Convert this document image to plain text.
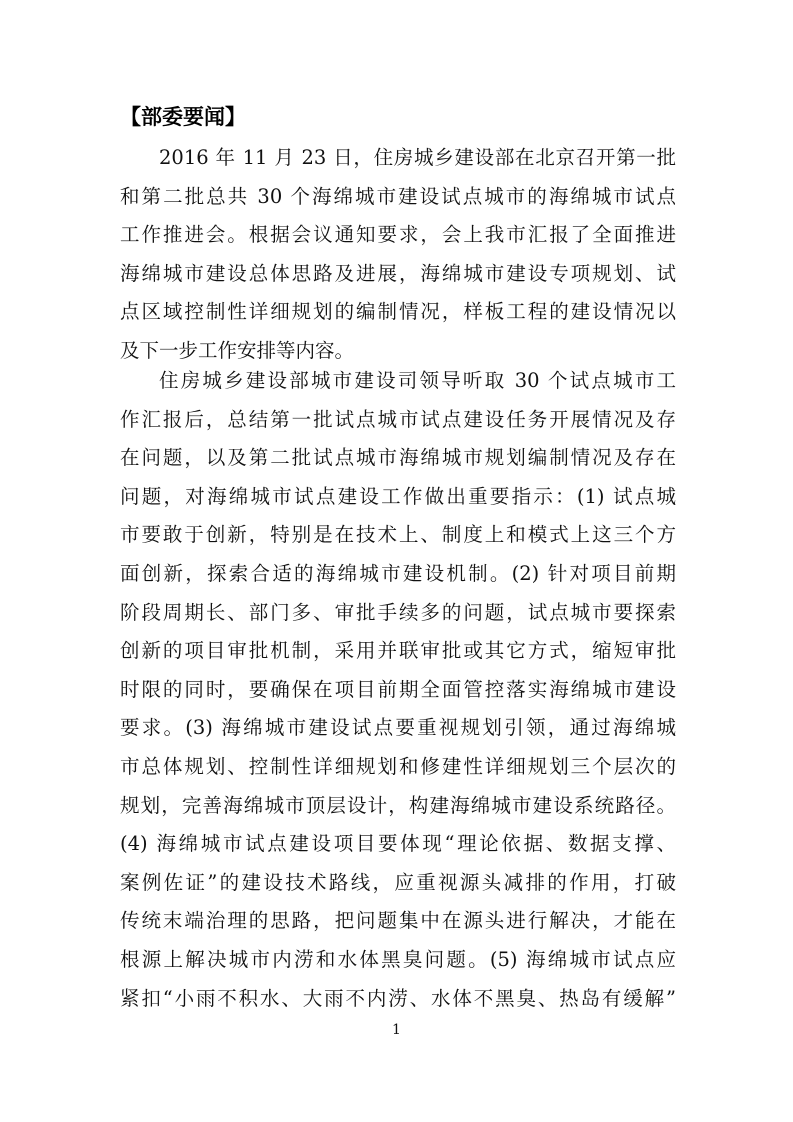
【部委要闻】
2016 年 11 月 23 日，住房城乡建设部在北京召开第一批
和第二批总共 30 个海绵城市建设试点城市的海绵城市试点
工作推进会。根据会议通知要求，会上我市汇报了全面推进
海绵城市建设总体思路及进展，海绵城市建设专项规划、试
点区域控制性详细规划的编制情况，样板工程的建设情况以
及下一步工作安排等内容。
住房城乡建设部城市建设司领导听取 30 个试点城市工
作汇报后，总结第一批试点城市试点建设任务开展情况及存
在问题，以及第二批试点城市海绵城市规划编制情况及存在
问题，对海绵城市试点建设工作做出重要指示：(1) 试点城
市要敢于创新，特别是在技术上、制度上和模式上这三个方
面创新，探索合适的海绵城市建设机制。(2) 针对项目前期
阶段周期长、部门多、审批手续多的问题，试点城市要探索
创新的项目审批机制，采用并联审批或其它方式，缩短审批
时限的同时，要确保在项目前期全面管控落实海绵城市建设
要求。(3) 海绵城市建设试点要重视规划引领，通过海绵城
市总体规划、控制性详细规划和修建性详细规划三个层次的
规划，完善海绵城市顶层设计，构建海绵城市建设系统路径。
(4) 海绵城市试点建设项目要体现“理论依据、数据支撑、
案例佐证”的建设技术路线，应重视源头减排的作用，打破
传统末端治理的思路，把问题集中在源头进行解决，才能在
根源上解决城市内涝和水体黑臭问题。(5) 海绵城市试点应
紧扣“小雨不积水、大雨不内涝、水体不黑臭、热岛有缓解”
1
